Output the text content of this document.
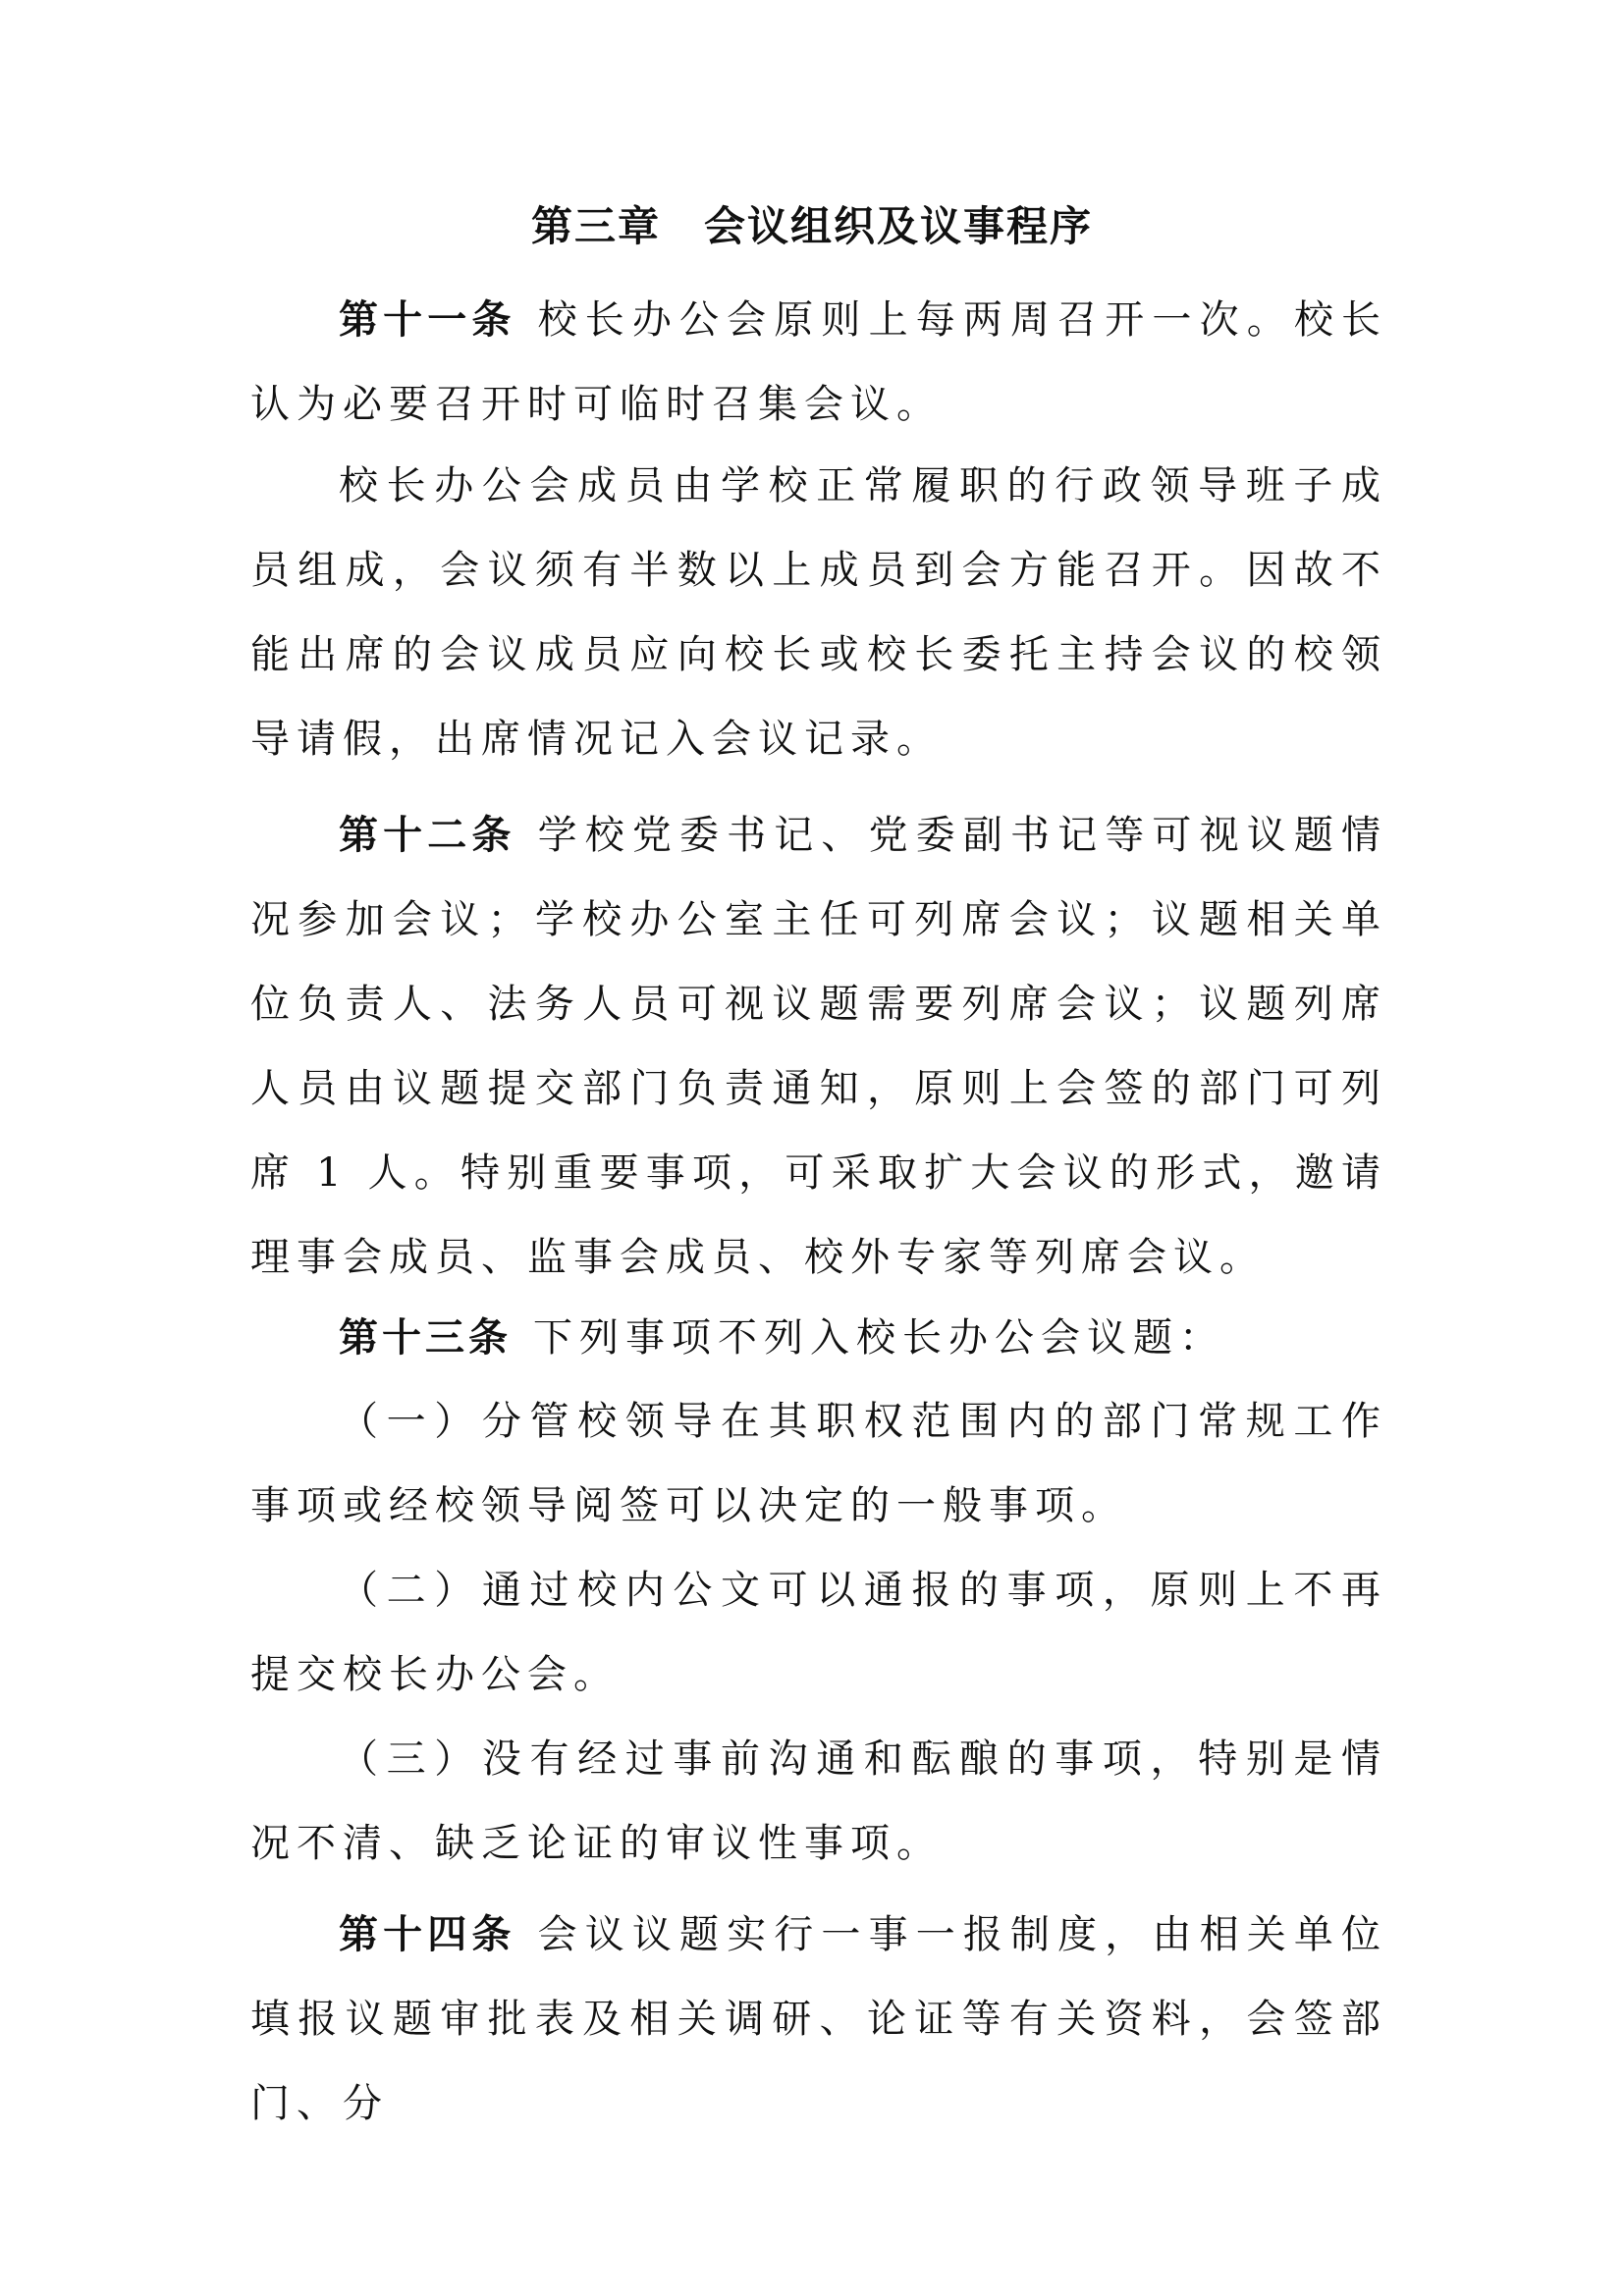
第三章　会议组织及议事程序

第十一条 校长办公会原则上每两周召开一次。校长认为必要召开时可临时召集会议。

校长办公会成员由学校正常履职的行政领导班子成员组成，会议须有半数以上成员到会方能召开。因故不能出席的会议成员应向校长或校长委托主持会议的校领导请假，出席情况记入会议记录。

第十二条 学校党委书记、党委副书记等可视议题情况参加会议；学校办公室主任可列席会议；议题相关单位负责人、法务人员可视议题需要列席会议；议题列席人员由议题提交部门负责通知，原则上会签的部门可列席 1 人。特别重要事项，可采取扩大会议的形式，邀请理事会成员、监事会成员、校外专家等列席会议。

第十三条 下列事项不列入校长办公会议题：

（一）分管校领导在其职权范围内的部门常规工作事项或经校领导阅签可以决定的一般事项。

（二）通过校内公文可以通报的事项，原则上不再提交校长办公会。

（三）没有经过事前沟通和酝酿的事项，特别是情况不清、缺乏论证的审议性事项。

第十四条 会议议题实行一事一报制度，由相关单位填报议题审批表及相关调研、论证等有关资料，会签部门、分
